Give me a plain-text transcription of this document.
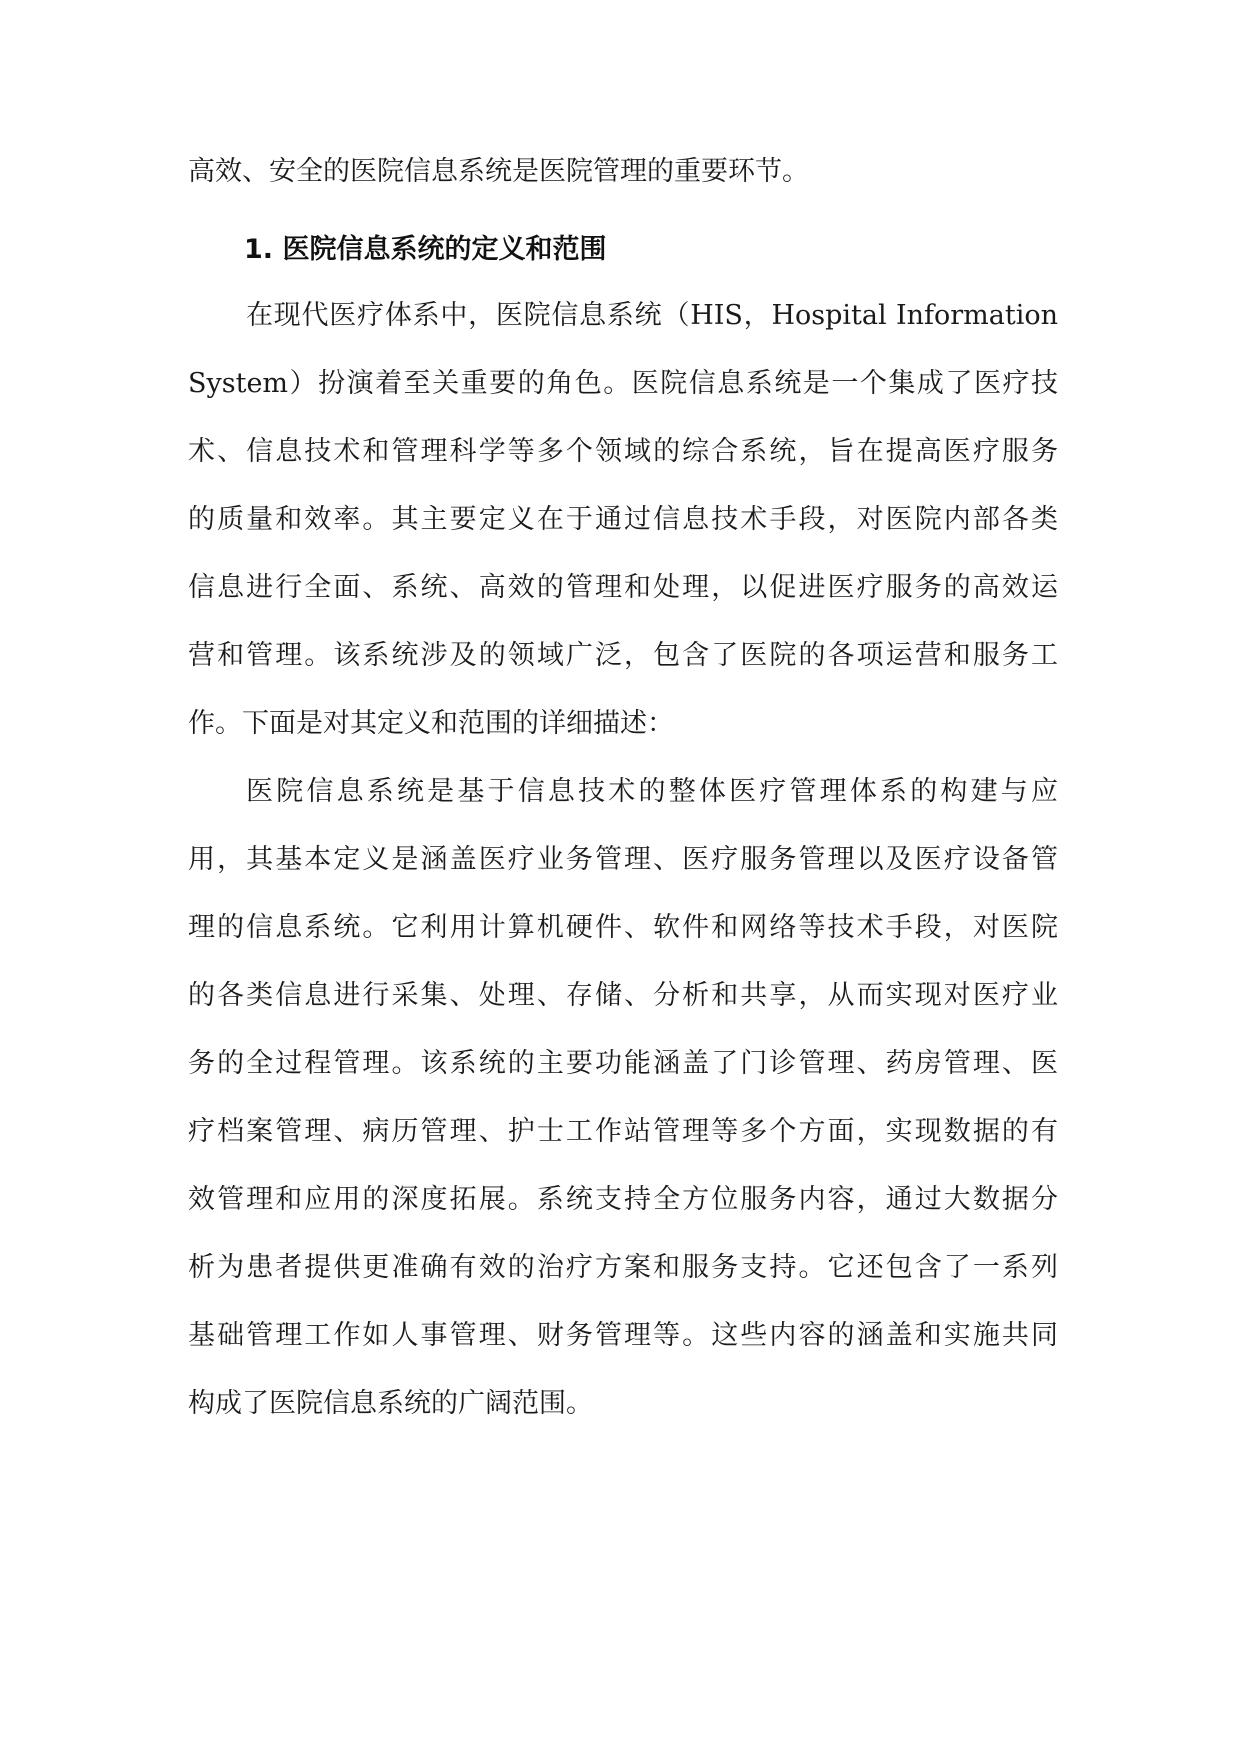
高效、安全的医院信息系统是医院管理的重要环节。
1. 医院信息系统的定义和范围
在现代医疗体系中，医院信息系统（HIS，Hospital Information
System）扮演着至关重要的角色。医院信息系统是一个集成了医疗技
术、信息技术和管理科学等多个领域的综合系统，旨在提高医疗服务
的质量和效率。其主要定义在于通过信息技术手段，对医院内部各类
信息进行全面、系统、高效的管理和处理，以促进医疗服务的高效运
营和管理。该系统涉及的领域广泛，包含了医院的各项运营和服务工
作。下面是对其定义和范围的详细描述：
医院信息系统是基于信息技术的整体医疗管理体系的构建与应
用，其基本定义是涵盖医疗业务管理、医疗服务管理以及医疗设备管
理的信息系统。它利用计算机硬件、软件和网络等技术手段，对医院
的各类信息进行采集、处理、存储、分析和共享，从而实现对医疗业
务的全过程管理。该系统的主要功能涵盖了门诊管理、药房管理、医
疗档案管理、病历管理、护士工作站管理等多个方面，实现数据的有
效管理和应用的深度拓展。系统支持全方位服务内容，通过大数据分
析为患者提供更准确有效的治疗方案和服务支持。它还包含了一系列
基础管理工作如人事管理、财务管理等。这些内容的涵盖和实施共同
构成了医院信息系统的广阔范围。
